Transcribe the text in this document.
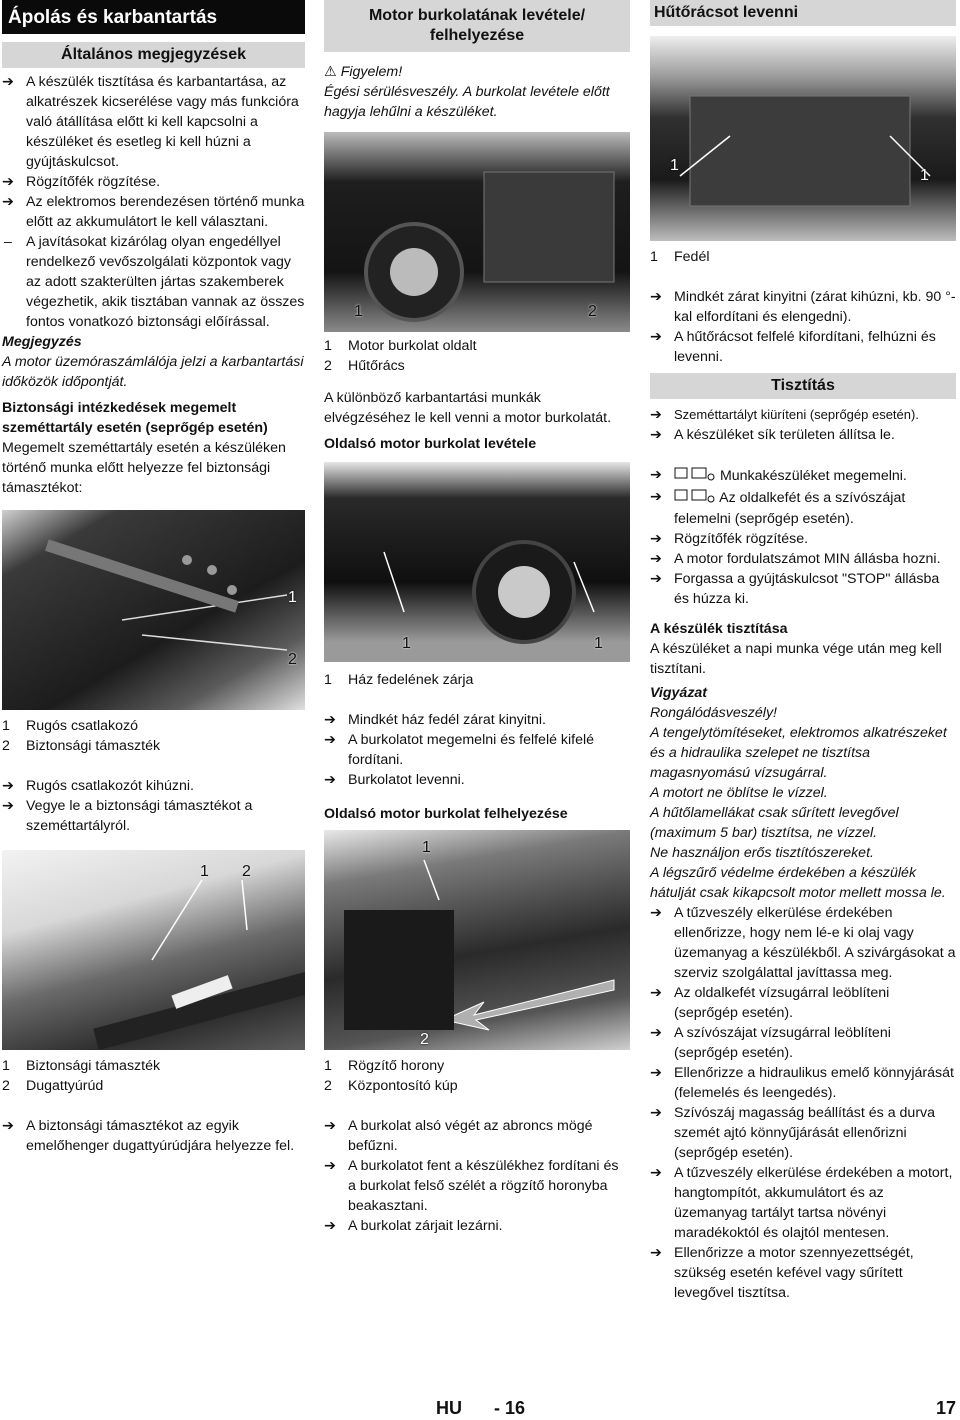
Ápolás és karbantartás
Általános megjegyzések
➔ A készülék tisztítása és karbantartása, az alkatrészek kicserélése vagy más funkcióra való átállítása előtt ki kell kapcsolni a készüléket és esetleg ki kell húzni a gyújtáskulcsot.

➔ Rögzítőfék rögzítése.

➔ Az elektromos berendezésen történő munka előtt az akkumulátort le kell választani.

– A javításokat kizárólag olyan engedéllyel rendelkező vevőszolgálati központok vagy az adott szakterülten jártas szakemberek végezhetik, akik tisztában vannak az összes fontos vonatkozó biztonsági előírással.

Megjegyzés

A motor üzemóraszámlálója jelzi a karbantartási időközök időpontját.

Biztonsági intézkedések megemelt szeméttartály esetén (seprőgép esetén)

Megemelt szeméttartály esetén a készüléken történő munka előtt helyezze fel biztonsági támasztékot:

1
2
1	Rugós csatlakozó
2	Biztonsági támaszték
➔ Rugós csatlakozót kihúzni.

➔ Vegye le a biztonsági támasztékot a szeméttartályról.

1 2
1	Biztonsági támaszték
2	Dugattyúrúd
➔ A biztonsági támasztékot az egyik emelőhenger dugattyúrúdjára helyezze fel.

Motor burkolatának levétele/ felhelyezése

⚠ Figyelem!

Égési sérülésveszély. A burkolat levétele előtt hagyja lehűlni a készüléket.

1	2
1	Motor burkolat oldalt
2	Hűtőrács

A különböző karbantartási munkák elvégzéséhez le kell venni a motor burkolatát.

Oldalsó motor burkolat levétele

1	1
1	Ház fedelének zárja
➔ Mindkét ház fedél zárat kinyitni.

➔ A burkolatot megemelni és felfelé kifelé fordítani.

➔ Burkolatot levenni.

Oldalsó motor burkolat felhelyezése

1
2
1	Rögzítő horony
2	Központosító kúp
➔ A burkolat alsó végét az abroncs mögé befűzni.

➔ A burkolatot fent a készülékhez fordítani és a burkolat felső szélét a rögzítő horonyba beakasztani.

➔ A burkolat zárjait lezárni.

Hűtőrácsot levenni
1
1
1	Fedél
➔ Mindkét zárat kinyitni (zárat kihúzni, kb. 90 °-kal elfordítani és elengedni).

➔ A hűtőrácsot felfelé kifordítani, felhúzni és levenni.

Tisztítás
➔ Szeméttartályt kiüríteni (seprőgép esetén).

➔ A készüléket sík területen állítsa le.

➔	Munkakészüléket megemelni.

➔	Az oldalkefét és a szívószájat felemelni (seprőgép esetén).

➔ Rögzítőfék rögzítése.

➔ A motor fordulatszámot MIN állásba hozni.

➔ Forgassa a gyújtáskulcsot "STOP" állásba és húzza ki.

A készülék tisztítása

A készüléket a napi munka vége után meg kell tisztítani.

Vigyázat

Rongálódásveszély!

A tengelytömítéseket, elektromos alkatrészeket és a hidraulika szelepet ne tisztítsa magasnyomású vízsugárral.

A motort ne öblítse le vízzel.

A hűtőlamellákat csak sűrített levegővel (maximum 5 bar) tisztítsa, ne vízzel.

Ne használjon erős tisztítószereket.

A légszűrő védelme érdekében a készülék hátulját csak kikapcsolt motor mellett mossa le.

➔ A tűzveszély elkerülése érdekében ellenőrizze, hogy nem lé-e ki olaj vagy üzemanyag a készülékből. A szivárgásokat a szerviz szolgálattal javíttassa meg.

➔ Az oldalkefét vízsugárral leöblíteni (seprőgép esetén).

➔ A szívószájat vízsugárral leöblíteni (seprőgép esetén).

➔ Ellenőrizze a hidraulikus emelő könnyjárását (felemelés és leengedés).

➔ Szívószáj magasság beállítást és a durva szemét ajtó könnyűjárását ellenőrizni (seprőgép esetén).

➔ A tűzveszély elkerülése érdekében a motort, hangtompítót, akkumulátort és az üzemanyag tartályt tartsa növényi maradékoktól és olajtól mentesen.

➔ Ellenőrizze a motor szennyezettségét, szükség esetén kefével vagy sűrített levegővel tisztítsa.

HU - 16	17
